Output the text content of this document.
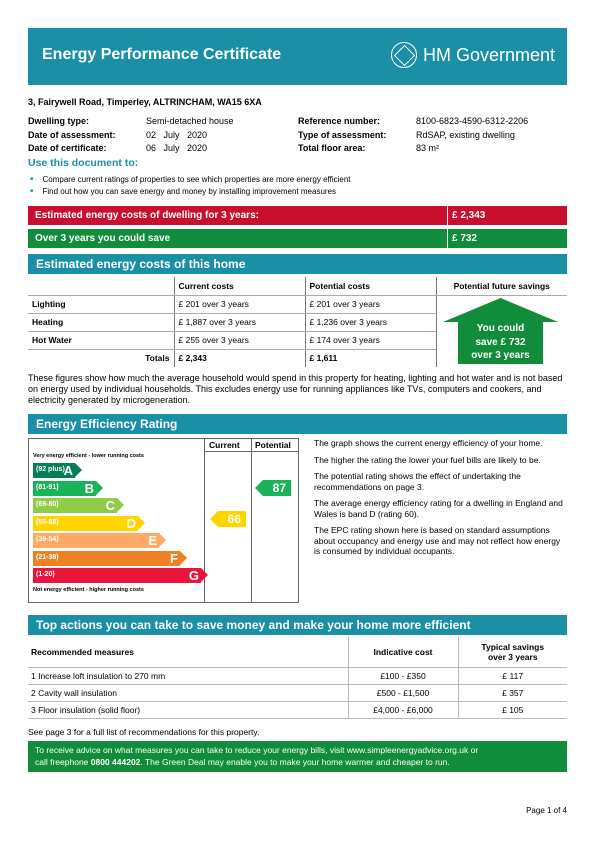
Energy Performance Certificate	HM Government
3, Fairywell Road, Timperley, ALTRINCHAM, WA15 6XA
Dwelling type:	Semi-detached house
Date of assessment:	02   July   2020
Date of certificate:	06   July   2020
Reference number:	8100-6823-4590-6312-2206
Type of assessment:	RdSAP, existing dwelling
Total floor area:	83 m²
Use this document to:
• Compare current ratings of properties to see which properties are more energy efficient
• Find out how you can save energy and money by installing improvement measures
Estimated energy costs of dwelling for 3 years:	£ 2,343
Over 3 years you could save	£ 732
Estimated energy costs of this home
	Current costs	Potential costs	Potential future savings
Lighting	£ 201 over 3 years	£ 201 over 3 years	
Heating	£ 1,887 over 3 years	£ 1,236 over 3 years	
Hot Water	£ 255 over 3 years	£ 174 over 3 years	
Totals	£ 2,343	£ 1,611	
You could
save £ 732
over 3 years
These figures show how much the average household would spend in this property for heating, lighting and hot water and is not based on energy used by individual households. This excludes energy use for running appliances like TVs, computers and cookers, and electricity generated by microgeneration.
Energy Efficiency Rating
Current Potential
Very energy efficient - lower running costs
(92 plus)
A
(81-91) B
(69-80)	C
(55-68)	D
(39-54)	E
(21-38)	F
(1-20)	G
Not energy efficient - higher running costs
66
87

The graph shows the current energy efficiency of your home.

The higher the rating the lower your fuel bills are likely to be.

The potential rating shows the effect of undertaking the recommendations on page 3.

The average energy efficiency rating for a dwelling in England and Wales is band D (rating 60).

The EPC rating shown here is based on standard assumptions about occupancy and energy use and may not reflect how energy is consumed by individual occupants.

Top actions you can take to save money and make your home more efficient
Recommended measures	Indicative cost	Typical savings
over 3 years

1 Increase loft insulation to 270 mm	£100 - £350	£ 117
2 Cavity wall insulation	£500 - £1,500	£ 357
3 Floor insulation (solid floor)	£4,000 - £6,000	£ 105
See page 3 for a full list of recommendations for this property.
To receive advice on what measures you can take to reduce your energy bills, visit www.simpleenergyadvice.org.uk or
call freephone 0800 444202. The Green Deal may enable you to make your home warmer and cheaper to run.
Page 1 of 4
